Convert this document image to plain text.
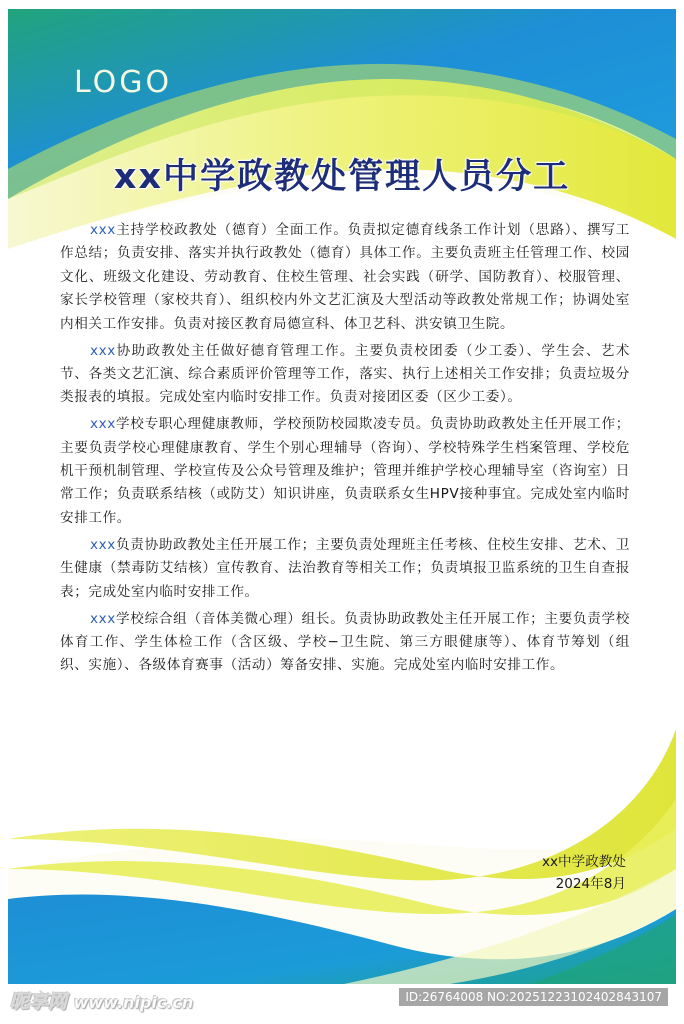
LOGO
xx中学政教处管理人员分工

xxx主持学校政教处（德育）全面工作。负责拟定德育线条工作计划（思路）、撰写工作总结；负责安排、落实并执行政教处（德育）具体工作。主要负责班主任管理工作、校园文化、班级文化建设、劳动教育、住校生管理、社会实践（研学、国防教育）、校服管理、家长学校管理（家校共育）、组织校内外文艺汇演及大型活动等政教处常规工作；协调处室内相关工作安排。负责对接区教育局德宣科、体卫艺科、洪安镇卫生院。

xxx协助政教处主任做好德育管理工作。主要负责校团委（少工委）、学生会、艺术节、各类文艺汇演、综合素质评价管理等工作，落实、执行上述相关工作安排；负责垃圾分类报表的填报。完成处室内临时安排工作。负责对接团区委（区少工委）。

xxx学校专职心理健康教师，学校预防校园欺凌专员。负责协助政教处主任开展工作；主要负责学校心理健康教育、学生个别心理辅导（咨询）、学校特殊学生档案管理、学校危机干预机制管理、学校宣传及公众号管理及维护；管理并维护学校心理辅导室（咨询室）日常工作；负责联系结核（或防艾）知识讲座，负责联系女生HPV接种事宜。完成处室内临时安排工作。

xxx负责协助政教处主任开展工作；主要负责处理班主任考核、住校生安排、艺术、卫生健康（禁毒防艾结核）宣传教育、法治教育等相关工作；负责填报卫监系统的卫生自查报表；完成处室内临时安排工作。

xxx学校综合组（音体美微心理）组长。负责协助政教处主任开展工作；主要负责学校体育工作、学生体检工作（含区级、学校−卫生院、第三方眼健康等）、体育节筹划（组织、实施）、各级体育赛事（活动）筹备安排、实施。完成处室内临时安排工作。

xx中学政教处
2024年8月
昵享网 www.nipic.cn	ID:26764008 NO:20251223102402843107
